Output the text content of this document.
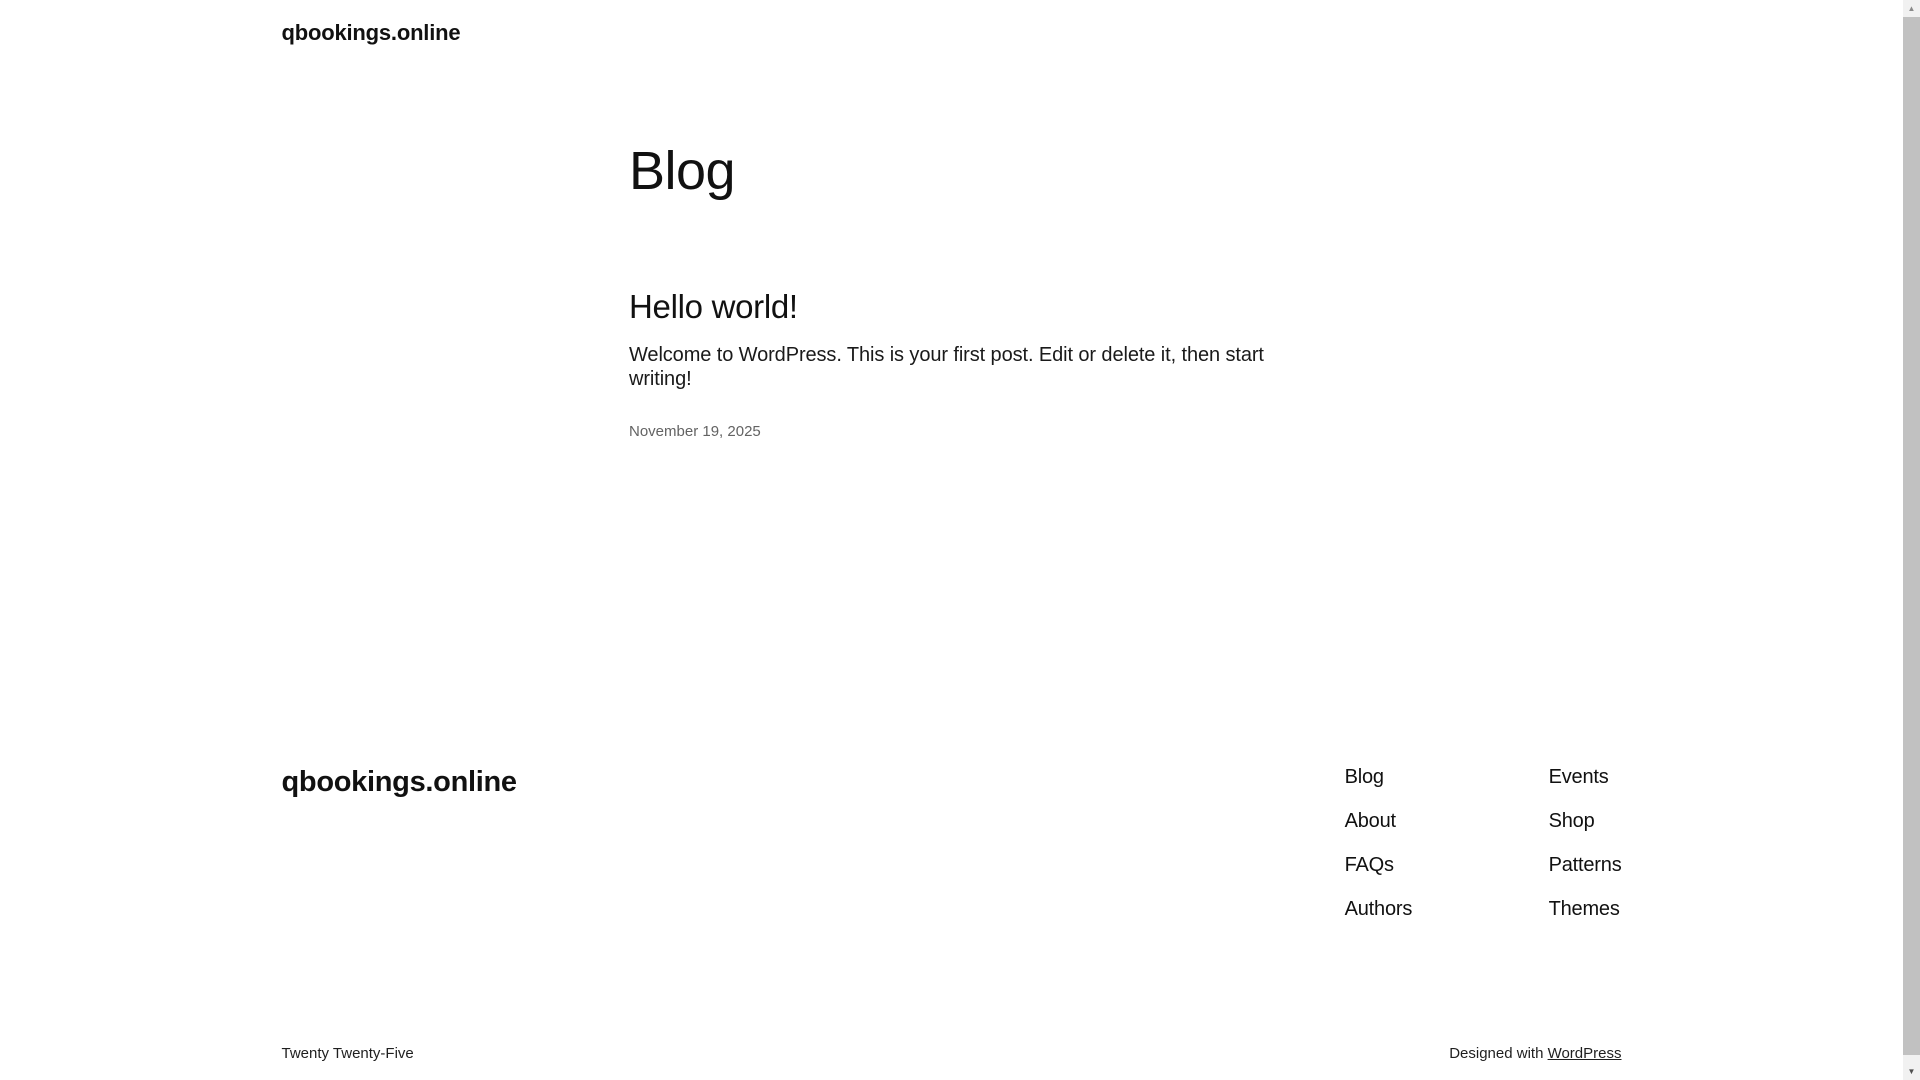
qbookings.online
Blog
Hello world!

Welcome to WordPress. This is your first post. Edit or delete it, then start writing!

November 19, 2025
qbookings.online	Blog
About
FAQs
Authors
Events
Shop
Patterns
Themes
Twenty Twenty-Five	Designed with WordPress
▲
▼
